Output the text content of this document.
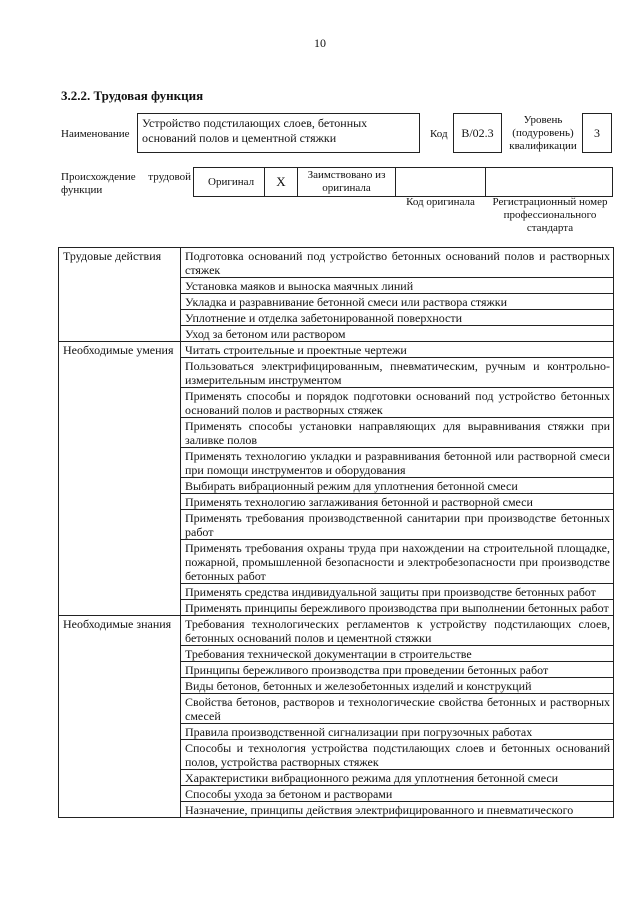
10
3.2.2. Трудовая функция
Наименование
Устройство подстилающих слоев, бетонных оснований полов и цементной стяжки	Код	B/02.3
Уровень (подуровень) квалификации
3
Происхождение трудовой функции
Оригинал	X	Заимствовано из оригинала
Код оригинала	Регистрационный номер профессионального стандарта
Трудовые действия	Подготовка оснований под устройство бетонных оснований полов и растворных стяжек
	Установка маяков и выноска маячных линий
	Укладка и разравнивание бетонной смеси или раствора стяжки
	Уплотнение и отделка забетонированной поверхности
	Уход за бетоном или раствором
Необходимые умения	Читать строительные и проектные чертежи
	Пользоваться электрифицированным, пневматическим, ручным и контрольно-измерительным инструментом
	Применять способы и порядок подготовки оснований под устройство бетонных оснований полов и растворных стяжек
	Применять способы установки направляющих для выравнивания стяжки при заливке полов
	Применять технологию укладки и разравнивания бетонной или растворной смеси при помощи инструментов и оборудования
	Выбирать вибрационный режим для уплотнения бетонной смеси
	Применять технологию заглаживания бетонной и растворной смеси
	Применять требования производственной санитарии при производстве бетонных работ
	Применять требования охраны труда при нахождении на строительной площадке, пожарной, промышленной безопасности и электробезопасности при производстве бетонных работ
	Применять средства индивидуальной защиты при производстве бетонных работ
	Применять принципы бережливого производства при выполнении бетонных работ
Необходимые знания	Требования технологических регламентов к устройству подстилающих слоев, бетонных оснований полов и цементной стяжки
	Требования технической документации в строительстве
	Принципы бережливого производства при проведении бетонных работ
	Виды бетонов, бетонных и железобетонных изделий и конструкций
	Свойства бетонов, растворов и технологические свойства бетонных и растворных смесей
	Правила производственной сигнализации при погрузочных работах
	Способы и технология устройства подстилающих слоев и бетонных оснований полов, устройства растворных стяжек
	Характеристики вибрационного режима для уплотнения бетонной смеси
	Способы ухода за бетоном и растворами
	Назначение, принципы действия электрифицированного и пневматического
